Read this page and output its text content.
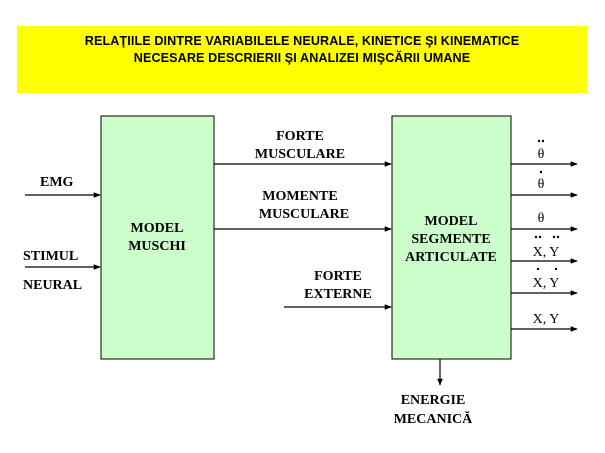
RELAŢIILE DINTRE VARIABILELE NEURALE, KINETICE ŞI KINEMATICE
NECESARE DESCRIERII ŞI ANALIZEI MIŞCĂRII UMANE
MODEL
MUSCHI
MODEL
SEGMENTE
ARTICULATE
EMG
STIMUL
NEURAL
FORTE
MUSCULARE
MOMENTE
MUSCULARE
FORTE
EXTERNE
θ
θ
θ
X, Y
X, Y
X, Y
ENERGIE
MECANICĂ
